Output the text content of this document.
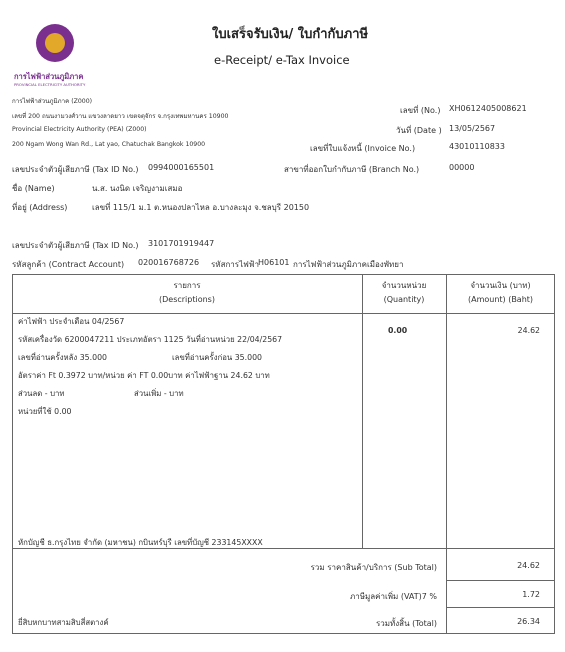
การไฟฟ้าส่วนภูมิภาค
PROVINCIAL ELECTRICITY AUTHORITY
ใบเสร็จรับเงิน/ ใบกำกับภาษี
e-Receipt/ e-Tax Invoice
การไฟฟ้าส่วนภูมิภาค (Z000)
เลขที่ 200 ถนนงามวงศ์วาน แขวงลาดยาว เขตจตุจักร จ.กรุงเทพมหานคร 10900
Provincial Electricity Authority (PEA) (Z000)
200 Ngam Wong Wan Rd., Lat yao, Chatuchak Bangkok 10900
เลขที่ (No.) XH0612405008621
วันที่ (Date ) 13/05/2567
เลขที่ใบแจ้งหนี้ (Invoice No.)	43010110833
เลขประจำตัวผู้เสียภาษี (Tax ID No.) 0994000165501	สาขาที่ออกใบกำกับภาษี (Branch No.)	00000
ชื่อ (Name)	น.ส. นงนิด เจริญงามเสมอ
ที่อยู่ (Address)	เลขที่ 115/1 ม.1 ต.หนองปลาไหล อ.บางละมุง จ.ชลบุรี 20150
เลขประจำตัวผู้เสียภาษี (Tax ID No.) 3101701919447
รหัสลูกค้า (Contract Account) 020016768726 รหัสการไฟฟ้า H06101 การไฟฟ้าส่วนภูมิภาคเมืองพัทยา
รายการ
(Descriptions)
จำนวนหน่วย
(Quantity)
จำนวนเงิน (บาท)
(Amount) (Baht)
ค่าไฟฟ้า ประจำเดือน 04/2567
รหัสเครื่องวัด 6200047211 ประเภทอัตรา 1125 วันที่อ่านหน่วย 22/04/2567
เลขที่อ่านครั้งหลัง 35.000	เลขที่อ่านครั้งก่อน 35.000
อัตราค่า Ft 0.3972 บาท/หน่วย ค่า FT 0.00บาท ค่าไฟฟ้าฐาน 24.62 บาท
ส่วนลด - บาท	ส่วนเพิ่ม - บาท
หน่วยที่ใช้ 0.00
0.00	24.62
หักบัญชี ธ.กรุงไทย จำกัด (มหาชน) กบินทร์บุรี เลขที่บัญชี 233145XXXX
รวม ราคาสินค้า/บริการ (Sub Total)	24.62
ภาษีมูลค่าเพิ่ม (VAT)7 %	1.72
ยี่สิบหกบาทสามสิบสี่สตางค์	รวมทั้งสิ้น (Total)	26.34
